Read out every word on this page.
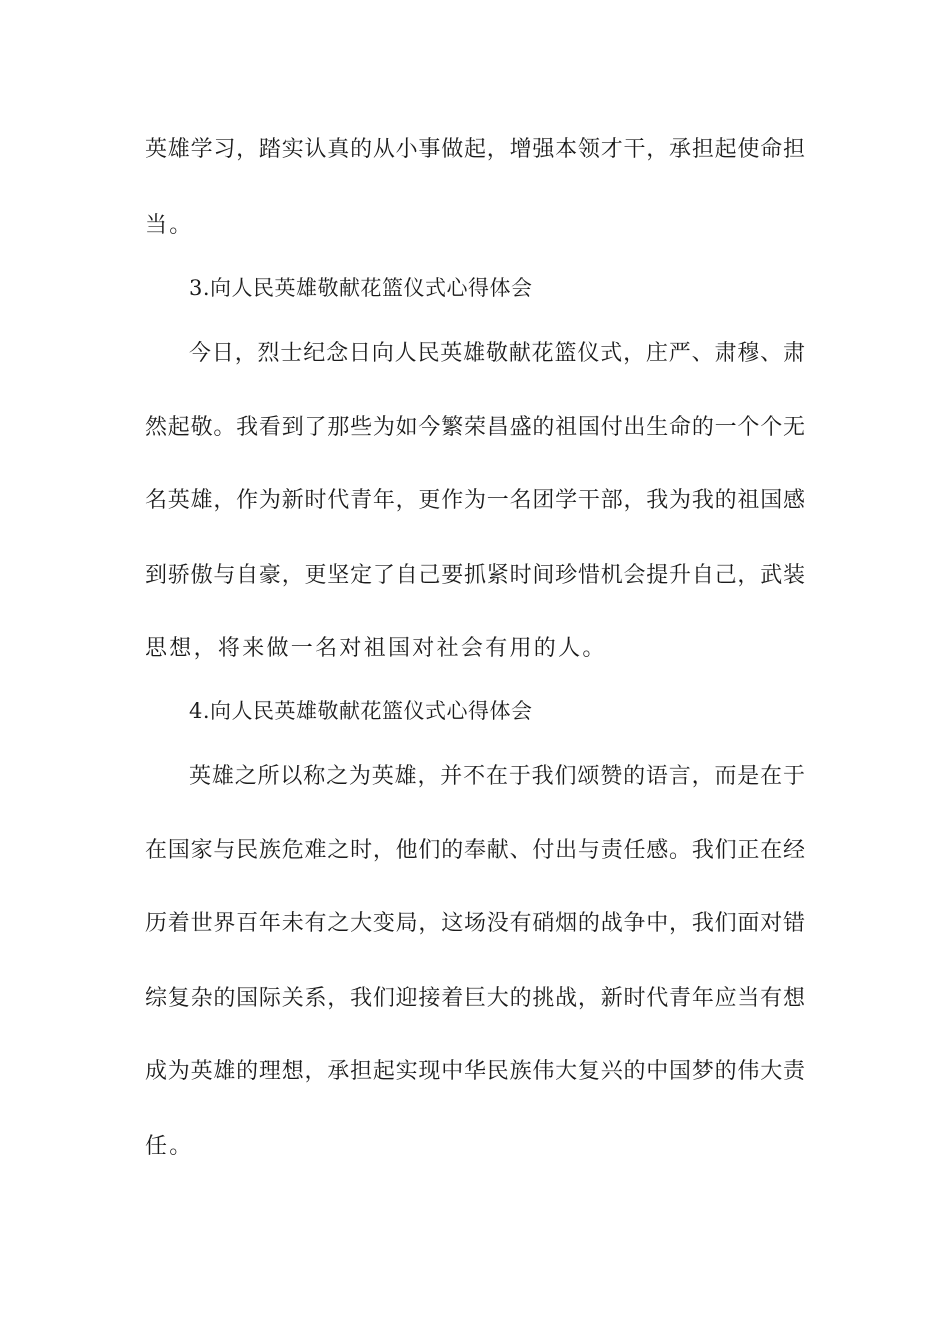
英雄学习，踏实认真的从小事做起，增强本领才干，承担起使命担
当。
3.向人民英雄敬献花篮仪式心得体会
今日，烈士纪念日向人民英雄敬献花篮仪式，庄严、肃穆、肃
然起敬。我看到了那些为如今繁荣昌盛的祖国付出生命的一个个无
名英雄，作为新时代青年，更作为一名团学干部，我为我的祖国感
到骄傲与自豪，更坚定了自己要抓紧时间珍惜机会提升自己，武装
思想，将来做一名对祖国对社会有用的人。
4.向人民英雄敬献花篮仪式心得体会
英雄之所以称之为英雄，并不在于我们颂赞的语言，而是在于
在国家与民族危难之时，他们的奉献、付出与责任感。我们正在经
历着世界百年未有之大变局，这场没有硝烟的战争中，我们面对错
综复杂的国际关系，我们迎接着巨大的挑战，新时代青年应当有想
成为英雄的理想，承担起实现中华民族伟大复兴的中国梦的伟大责
任。
